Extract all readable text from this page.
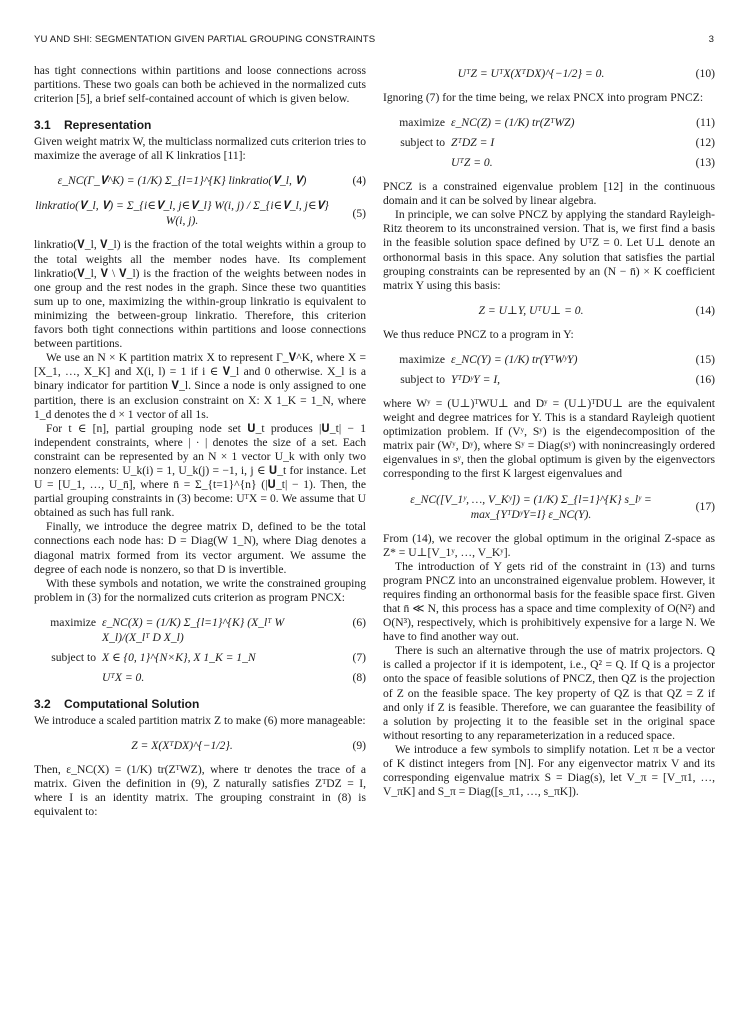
YU AND SHI: SEGMENTATION GIVEN PARTIAL GROUPING CONSTRAINTS	3

has tight connections within partitions and loose connections across partitions. These two goals can both be achieved in the normalized cuts criterion [5], a brief self-contained account of which is given below.

3.1 Representation

Given weight matrix W, the multiclass normalized cuts criterion tries to maximize the average of all K linkratios [11]:

ε_NC(Γ_𝐕^K) = (1/K) Σ_{l=1}^{K} linkratio(𝐕_l, 𝐕)	(4)
linkratio(𝐕_l, 𝐕) = Σ_{i∈𝐕_l, j∈𝐕_l} W(i, j) / Σ_{i∈𝐕_l, j∈𝐕} W(i, j).
(5)

linkratio(𝐕_l, 𝐕_l) is the fraction of the total weights within a group to the total weights all the member nodes have. Its complement linkratio(𝐕_l, 𝐕 \ 𝐕_l) is the fraction of the weights between nodes in one group and the rest nodes in the graph. Since these two quantities sum up to one, maximizing the within-group linkratio is equivalent to minimizing the between-group linkratio. Therefore, this criterion favors both tight connections within partitions and loose connections between partitions.

We use an N × K partition matrix X to represent Γ_𝐕^K, where X = [X_1, …, X_K] and X(i, l) = 1 if i ∈ 𝐕_l and 0 otherwise. X_l is a binary indicator for partition 𝐕_l. Since a node is only assigned to one partition, there is an exclusion constraint on X: X 1_K = 1_N, where 1_d denotes the d × 1 vector of all 1s.

For t ∈ [n], partial grouping node set 𝐔_t produces |𝐔_t| − 1 independent constraints, where | · | denotes the size of a set. Each constraint can be represented by an N × 1 vector U_k with only two nonzero elements: U_k(i) = 1, U_k(j) = −1, i, j ∈ 𝐔_t for instance. Let U = [U_1, …, U_n̄], where n̄ = Σ_{t=1}^{n} (|𝐔_t| − 1). Then, the partial grouping constraints in (3) become: UᵀX = 0. We assume that U obtained as such has full rank.

Finally, we introduce the degree matrix D, defined to be the total connections each node has: D = Diag(W 1_N), where Diag denotes a diagonal matrix formed from its vector argument. We assume the degree of each node is nonzero, so that D is invertible.

With these symbols and notation, we write the constrained grouping problem in (3) for the normalized cuts criterion as program PNCX:

maximize ε_NC(X) = (1/K) Σ_{l=1}^{K} (X_lᵀ W X_l)/(X_lᵀ D X_l)
(6)
subject to X ∈ {0, 1}^{N×K}, X 1_K = 1_N	(7)
UᵀX = 0.	(8)
3.2 Computational Solution

We introduce a scaled partition matrix Z to make (6) more manageable:

Z = X(XᵀDX)^{−1/2}.	(9)

Then, ε_NC(X) = (1/K) tr(ZᵀWZ), where tr denotes the trace of a matrix. Given the definition in (9), Z naturally satisfies ZᵀDZ = I, where I is an identity matrix. The grouping constraint in (8) is equivalent to:

UᵀZ = UᵀX(XᵀDX)^{−1/2} = 0.	(10)

Ignoring (7) for the time being, we relax PNCX into program PNCZ:

maximize ε_NC(Z) = (1/K) tr(ZᵀWZ)	(11)
subject to ZᵀDZ = I	(12)
UᵀZ = 0.	(13)

PNCZ is a constrained eigenvalue problem [12] in the continuous domain and it can be solved by linear algebra.

In principle, we can solve PNCZ by applying the standard Rayleigh-Ritz theorem to its unconstrained version. That is, we first find a basis in the feasible solution space defined by UᵀZ = 0. Let U⊥ denote an orthonormal basis in this space. Any solution that satisfies the partial grouping constraints can be represented by an (N − n̄) × K coefficient matrix Y using this basis:

Z = U⊥Y, UᵀU⊥ = 0.	(14)

We thus reduce PNCZ to a program in Y:

maximize ε_NC(Y) = (1/K) tr(YᵀWʸY)	(15)
subject to YᵀDʸY = I,	(16)

where Wʸ = (U⊥)ᵀWU⊥ and Dʸ = (U⊥)ᵀDU⊥ are the equivalent weight and degree matrices for Y. This is a standard Rayleigh quotient optimization problem. If (Vʸ, Sʸ) is the eigendecomposition of the matrix pair (Wʸ, Dʸ), where Sʸ = Diag(sʸ) with nonincreasingly ordered eigenvalues in sʸ, then the global optimum is given by the eigenvectors corresponding to the first K largest eigenvalues and

ε_NC([V_1ʸ, …, V_Kʸ]) = (1/K) Σ_{l=1}^{K} s_lʸ = max_{YᵀDʸY=I} ε_NC(Y).
(17)

From (14), we recover the global optimum in the original Z-space as Z* = U⊥[V_1ʸ, …, V_Kʸ].

The introduction of Y gets rid of the constraint in (13) and turns program PNCZ into an unconstrained eigenvalue problem. However, it requires finding an orthonormal basis for the feasible space first. Given that n̄ ≪ N, this process has a space and time complexity of O(N²) and O(N³), respectively, which is prohibitively expensive for a large N. We have to find another way out.

There is such an alternative through the use of matrix projectors. Q is called a projector if it is idempotent, i.e., Q² = Q. If Q is a projector onto the space of feasible solutions of PNCZ, then QZ is the projection of Z on the feasible space. The key property of QZ is that QZ = Z if and only if Z is feasible. Therefore, we can guarantee the feasibility of a solution by projecting it to the feasible set in the original space without resorting to any reparameterization in a reduced space.

We introduce a few symbols to simplify notation. Let π be a vector of K distinct integers from [N]. For any eigenvector matrix V and its corresponding eigenvalue matrix S = Diag(s), let V_π = [V_π1, …, V_πK] and S_π = Diag([s_π1, …, s_πK]).
